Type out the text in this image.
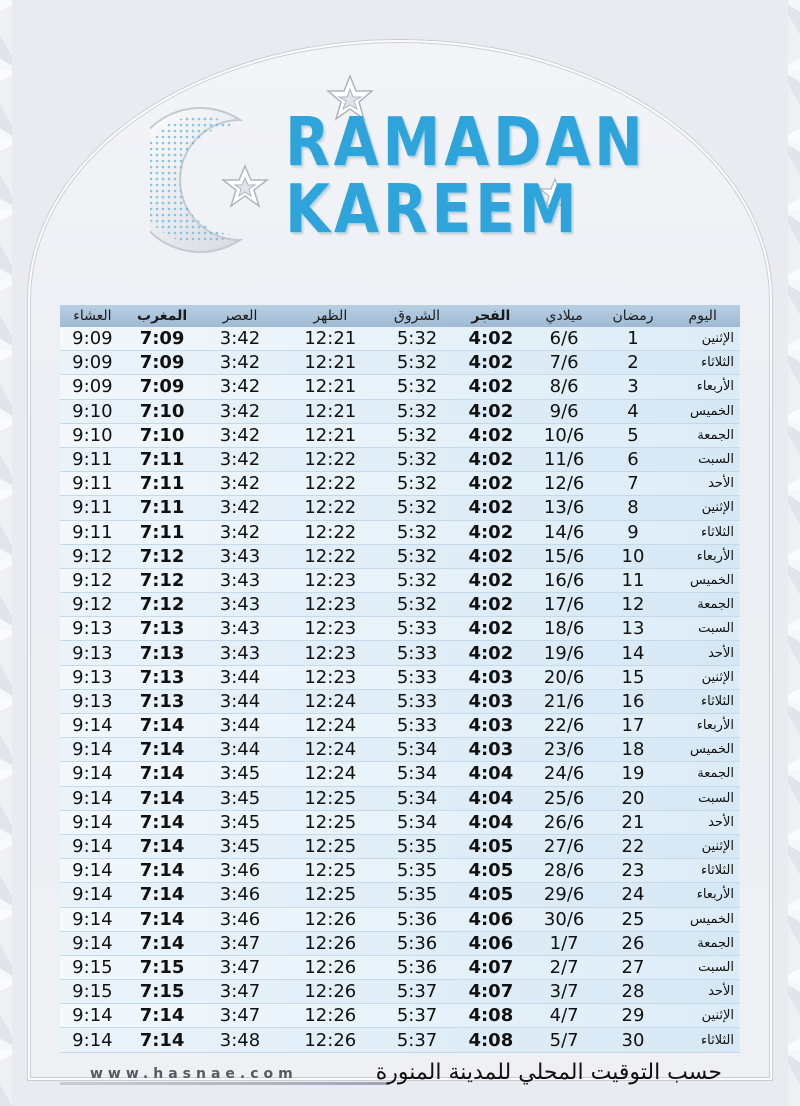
RAMADAN
KAREEM
اليوم	رمضان	ميلادي	الفجر	الشروق	الظهر	العصر	المغرب	العشاء
الإثنين	1	6/6	4:02	5:32	12:21	3:42	7:09	9:09
الثلاثاء	2	7/6	4:02	5:32	12:21	3:42	7:09	9:09
الأربعاء	3	8/6	4:02	5:32	12:21	3:42	7:09	9:09
الخميس	4	9/6	4:02	5:32	12:21	3:42	7:10	9:10
الجمعة	5	10/6	4:02	5:32	12:21	3:42	7:10	9:10
السبت	6	11/6	4:02	5:32	12:22	3:42	7:11	9:11
الأحد	7	12/6	4:02	5:32	12:22	3:42	7:11	9:11
الإثنين	8	13/6	4:02	5:32	12:22	3:42	7:11	9:11
الثلاثاء	9	14/6	4:02	5:32	12:22	3:42	7:11	9:11
الأربعاء	10	15/6	4:02	5:32	12:22	3:43	7:12	9:12
الخميس	11	16/6	4:02	5:32	12:23	3:43	7:12	9:12
الجمعة	12	17/6	4:02	5:32	12:23	3:43	7:12	9:12
السبت	13	18/6	4:02	5:33	12:23	3:43	7:13	9:13
الأحد	14	19/6	4:02	5:33	12:23	3:43	7:13	9:13
الإثنين	15	20/6	4:03	5:33	12:23	3:44	7:13	9:13
الثلاثاء	16	21/6	4:03	5:33	12:24	3:44	7:13	9:13
الأربعاء	17	22/6	4:03	5:33	12:24	3:44	7:14	9:14
الخميس	18	23/6	4:03	5:34	12:24	3:44	7:14	9:14
الجمعة	19	24/6	4:04	5:34	12:24	3:45	7:14	9:14
السبت	20	25/6	4:04	5:34	12:25	3:45	7:14	9:14
الأحد	21	26/6	4:04	5:34	12:25	3:45	7:14	9:14
الإثنين	22	27/6	4:05	5:35	12:25	3:45	7:14	9:14
الثلاثاء	23	28/6	4:05	5:35	12:25	3:46	7:14	9:14
الأربعاء	24	29/6	4:05	5:35	12:25	3:46	7:14	9:14
الخميس	25	30/6	4:06	5:36	12:26	3:46	7:14	9:14
الجمعة	26	1/7	4:06	5:36	12:26	3:47	7:14	9:14
السبت	27	2/7	4:07	5:36	12:26	3:47	7:15	9:15
الأحد	28	3/7	4:07	5:37	12:26	3:47	7:15	9:15
الإثنين	29	4/7	4:08	5:37	12:26	3:47	7:14	9:14
الثلاثاء	30	5/7	4:08	5:37	12:26	3:48	7:14	9:14
www.hasnae.com	حسب التوقيت المحلي للمدينة المنورة
